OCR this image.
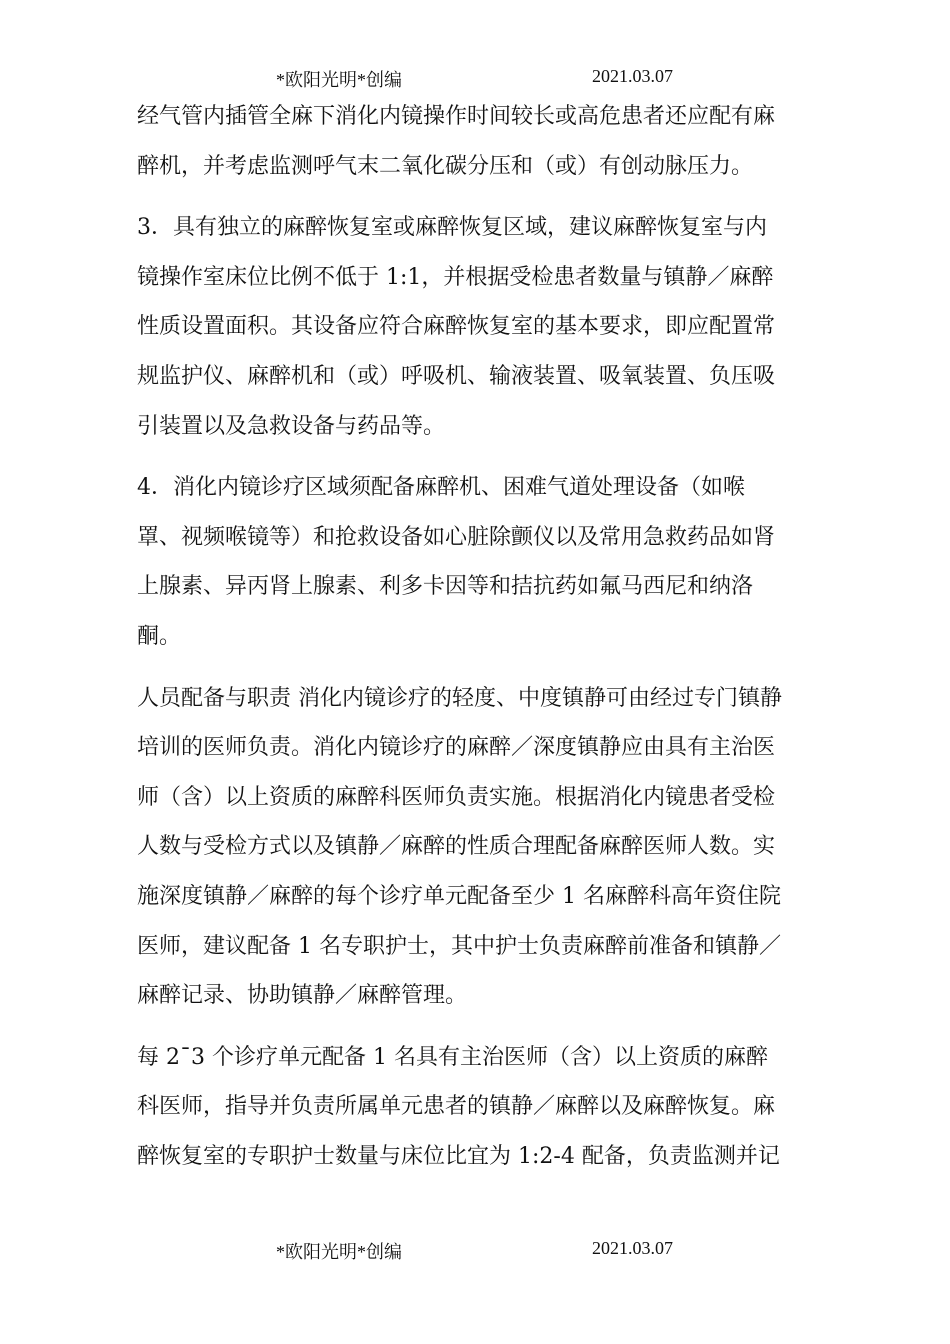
*欧阳光明*创编	2021.03.07
经气管内插管全麻下消化内镜操作时间较长或高危患者还应配有麻
醉机，并考虑监测呼气末二氧化碳分压和（或）有创动脉压力。
3．具有独立的麻醉恢复室或麻醉恢复区域，建议麻醉恢复室与内
镜操作室床位比例不低于 1:1，并根据受检患者数量与镇静／麻醉
性质设置面积。其设备应符合麻醉恢复室的基本要求，即应配置常
规监护仪、麻醉机和（或）呼吸机、输液装置、吸氧装置、负压吸
引装置以及急救设备与药品等。
4．消化内镜诊疗区域须配备麻醉机、困难气道处理设备（如喉
罩、视频喉镜等）和抢救设备如心脏除颤仪以及常用急救药品如肾
上腺素、异丙肾上腺素、利多卡因等和拮抗药如氟马西尼和纳洛
酮。
人员配备与职责 消化内镜诊疗的轻度、中度镇静可由经过专门镇静
培训的医师负责。消化内镜诊疗的麻醉／深度镇静应由具有主治医
师（含）以上资质的麻醉科医师负责实施。根据消化内镜患者受检
人数与受检方式以及镇静／麻醉的性质合理配备麻醉医师人数。实
施深度镇静／麻醉的每个诊疗单元配备至少 1 名麻醉科高年资住院
医师，建议配备 1 名专职护士，其中护士负责麻醉前准备和镇静／
麻醉记录、协助镇静／麻醉管理。
每 2¯3 个诊疗单元配备 1 名具有主治医师（含）以上资质的麻醉
科医师，指导并负责所属单元患者的镇静／麻醉以及麻醉恢复。麻
醉恢复室的专职护士数量与床位比宜为 1:2-4 配备，负责监测并记
*欧阳光明*创编	2021.03.07
